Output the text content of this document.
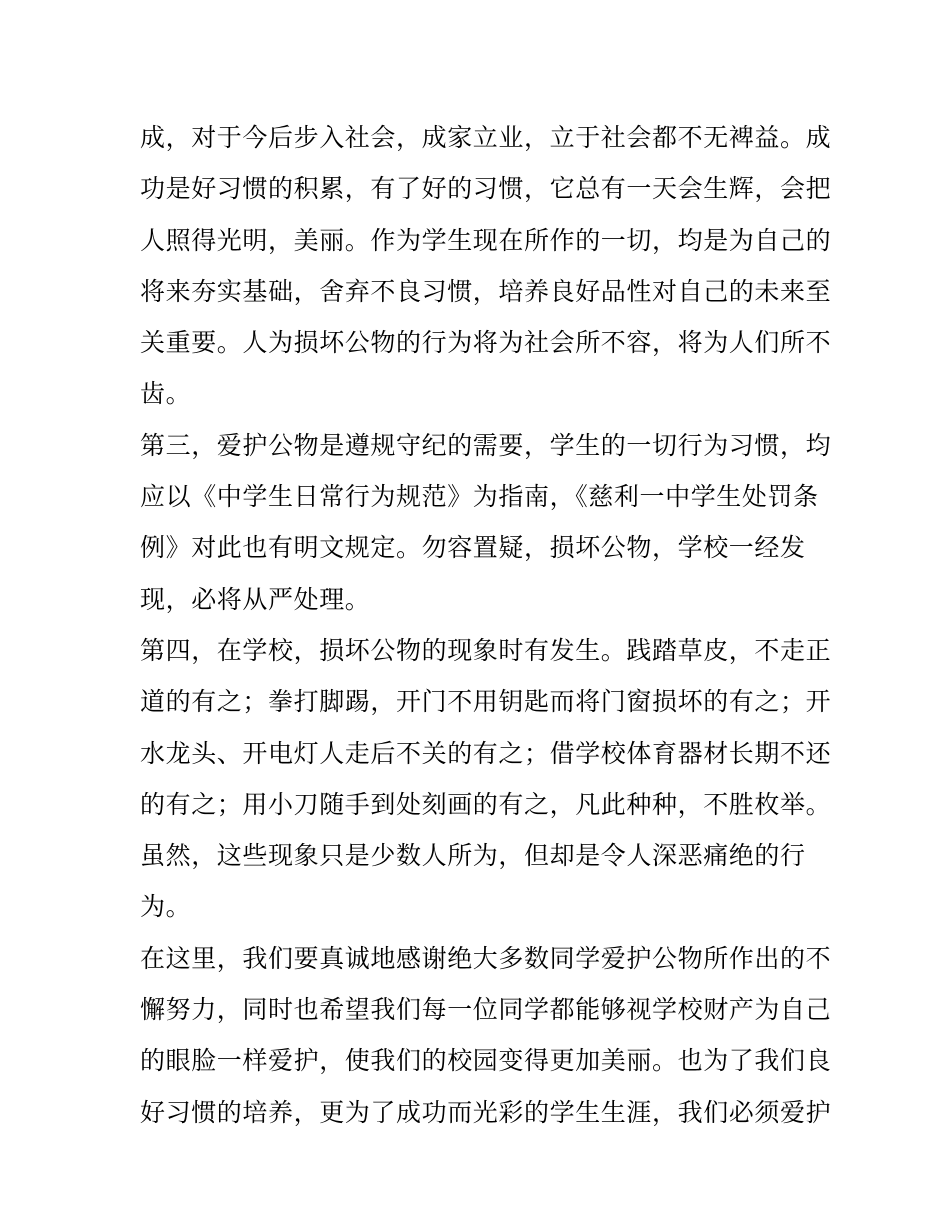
成，对于今后步入社会，成家立业，立于社会都不无裨益。成
功是好习惯的积累，有了好的习惯，它总有一天会生辉，会把
人照得光明，美丽。作为学生现在所作的一切，均是为自己的
将来夯实基础，舍弃不良习惯，培养良好品性对自己的未来至
关重要。人为损坏公物的行为将为社会所不容，将为人们所不
齿。
第三，爱护公物是遵规守纪的需要，学生的一切行为习惯，均
应以《中学生日常行为规范》为指南，《慈利一中学生处罚条
例》对此也有明文规定。勿容置疑，损坏公物，学校一经发
现，必将从严处理。
第四，在学校，损坏公物的现象时有发生。践踏草皮，不走正
道的有之；拳打脚踢，开门不用钥匙而将门窗损坏的有之；开
水龙头、开电灯人走后不关的有之；借学校体育器材长期不还
的有之；用小刀随手到处刻画的有之，凡此种种，不胜枚举。
虽然，这些现象只是少数人所为，但却是令人深恶痛绝的行
为。
在这里，我们要真诚地感谢绝大多数同学爱护公物所作出的不
懈努力，同时也希望我们每一位同学都能够视学校财产为自己
的眼脸一样爱护，使我们的校园变得更加美丽。也为了我们良
好习惯的培养，更为了成功而光彩的学生生涯，我们必须爱护
